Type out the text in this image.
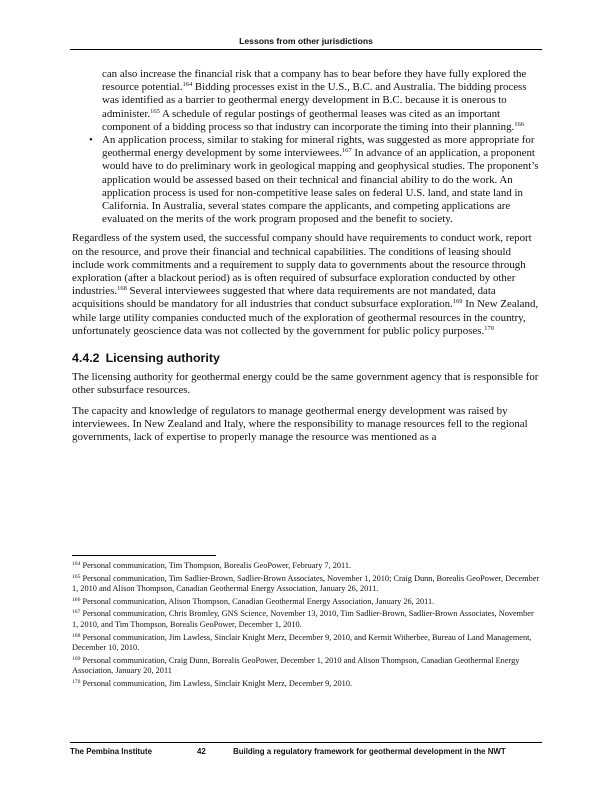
Lessons from other jurisdictions

can also increase the financial risk that a company has to bear before they have fully explored the resource potential.$^{164}$ Bidding processes exist in the U.S., B.C. and Australia. The bidding process was identified as a barrier to geothermal energy development in B.C. because it is onerous to administer.$^{165}$ A schedule of regular postings of geothermal leases was cited as an important component of a bidding process so that industry can incorporate the timing into their planning.$^{166}$

• An application process, similar to staking for mineral rights, was suggested as more appropriate for geothermal energy development by some interviewees.$^{167}$ In advance of an application, a proponent would have to do preliminary work in geological mapping and geophysical studies. The proponent’s application would be assessed based on their technical and financial ability to do the work. An application process is used for non-competitive lease sales on federal U.S. land, and state land in California. In Australia, several states compare the applicants, and competing applications are evaluated on the merits of the work program proposed and the benefit to society.

Regardless of the system used, the successful company should have requirements to conduct work, report on the resource, and prove their financial and technical capabilities. The conditions of leasing should include work commitments and a requirement to supply data to governments about the resource through exploration (after a blackout period) as is often required of subsurface exploration conducted by other industries.$^{168}$ Several interviewees suggested that where data requirements are not mandated, data acquisitions should be mandatory for all industries that conduct subsurface exploration.$^{169}$ In New Zealand, while large utility companies conducted much of the exploration of geothermal resources in the country, unfortunately geoscience data was not collected by the government for public policy purposes.$^{170}$

4.4.2 Licensing authority

The licensing authority for geothermal energy could be the same government agency that is responsible for other subsurface resources.

The capacity and knowledge of regulators to manage geothermal energy development was raised by interviewees. In New Zealand and Italy, where the responsibility to manage resources fell to the regional governments, lack of expertise to properly manage the resource was mentioned as a

$^{164}$ Personal communication, Tim Thompson, Borealis GeoPower, February 7, 2011.

$^{165}$ Personal communication, Tim Sadlier-Brown, Sadlier-Brown Associates, November 1, 2010; Craig Dunn, Borealis GeoPower, December 1, 2010 and Alison Thompson, Canadian Geothermal Energy Association, January 26, 2011.

$^{166}$ Personal communication, Alison Thompson, Canadian Geothermal Energy Association, January 26, 2011.

$^{167}$ Personal communication, Chris Bromley, GNS Science, November 13, 2010, Tim Sadlier-Brown, Sadlier-Brown Associates, November 1, 2010, and Tim Thompson, Borealis GeoPower, December 1, 2010.

$^{168}$ Personal communication, Jim Lawless, Sinclair Knight Merz, December 9, 2010, and Kermit Witherbee, Bureau of Land Management, December 10, 2010.

$^{169}$ Personal communication, Craig Dunn, Borealis GeoPower, December 1, 2010 and Alison Thompson, Canadian Geothermal Energy Association, January 20, 2011

$^{170}$ Personal communication, Jim Lawless, Sinclair Knight Merz, December 9, 2010.

The Pembina Institute	42	Building a regulatory framework for geothermal development in the NWT
